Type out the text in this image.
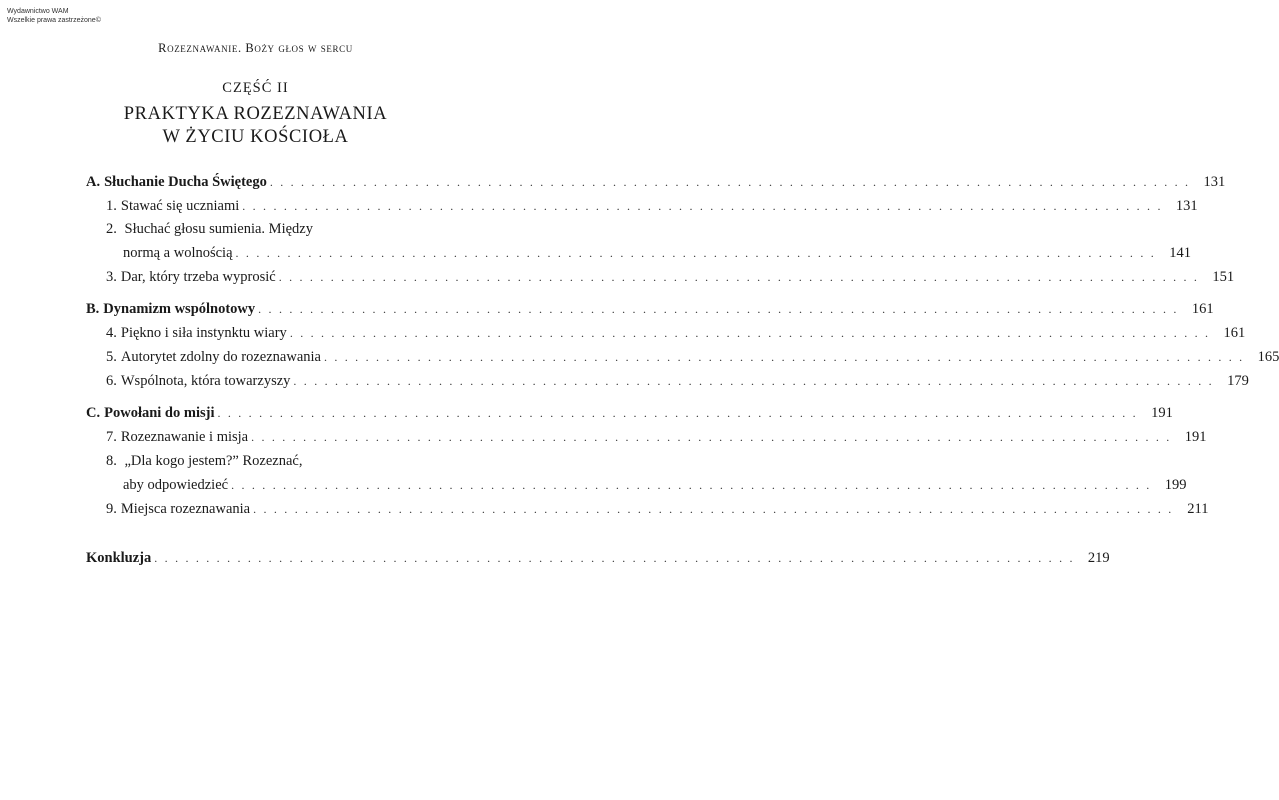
Wydawnictwo WAM
Wszelkie prawa zastrzeżone©
Rozeznawanie. Boży głos w sercu
CZĘŚĆ II
PRAKTYKA ROZEZNAWANIA
W ŻYCIU KOŚCIOŁA
A. Słuchanie Ducha Świętego . . . . . . . . . . . . . . . . . . . . . . . . . . . . . . . . . . . . . . . . . . . . . . . . . . . . . . . . . . . . . . . . . . . . . . . . . . . . . . . . . . . . . . . . . 131
1. Stawać się uczniami . . . . . . . . . . . . . . . . . . . . . . . . . . . . . . . . . . . . . . . . . . . . . . . . . . . . . . . . . . . . . . . . . . . . . . . . . . . . . . . . . . . . . . . . . 131
2. Słuchać głosu sumienia. Między
normą a wolnością . . . . . . . . . . . . . . . . . . . . . . . . . . . . . . . . . . . . . . . . . . . . . . . . . . . . . . . . . . . . . . . . . . . . . . . . . . . . . . . . . . . . . . . . . 141
3. Dar, który trzeba wyprosić . . . . . . . . . . . . . . . . . . . . . . . . . . . . . . . . . . . . . . . . . . . . . . . . . . . . . . . . . . . . . . . . . . . . . . . . . . . . . . . . . . . . . . . . . 151
B. Dynamizm wspólnotowy . . . . . . . . . . . . . . . . . . . . . . . . . . . . . . . . . . . . . . . . . . . . . . . . . . . . . . . . . . . . . . . . . . . . . . . . . . . . . . . . . . . . . . . . . 161
4. Piękno i siła instynktu wiary . . . . . . . . . . . . . . . . . . . . . . . . . . . . . . . . . . . . . . . . . . . . . . . . . . . . . . . . . . . . . . . . . . . . . . . . . . . . . . . . . . . . . . . . . 161
5. Autorytet zdolny do rozeznawania . . . . . . . . . . . . . . . . . . . . . . . . . . . . . . . . . . . . . . . . . . . . . . . . . . . . . . . . . . . . . . . . . . . . . . . . . . . . . . . . . . . . . . . . . 165
6. Wspólnota, która towarzyszy . . . . . . . . . . . . . . . . . . . . . . . . . . . . . . . . . . . . . . . . . . . . . . . . . . . . . . . . . . . . . . . . . . . . . . . . . . . . . . . . . . . . . . . . . 179
C. Powołani do misji . . . . . . . . . . . . . . . . . . . . . . . . . . . . . . . . . . . . . . . . . . . . . . . . . . . . . . . . . . . . . . . . . . . . . . . . . . . . . . . . . . . . . . . . . 191
7. Rozeznawanie i misja . . . . . . . . . . . . . . . . . . . . . . . . . . . . . . . . . . . . . . . . . . . . . . . . . . . . . . . . . . . . . . . . . . . . . . . . . . . . . . . . . . . . . . . . . 191
8. „Dla kogo jestem?” Rozeznać,
aby odpowiedzieć . . . . . . . . . . . . . . . . . . . . . . . . . . . . . . . . . . . . . . . . . . . . . . . . . . . . . . . . . . . . . . . . . . . . . . . . . . . . . . . . . . . . . . . . . 199
9. Miejsca rozeznawania . . . . . . . . . . . . . . . . . . . . . . . . . . . . . . . . . . . . . . . . . . . . . . . . . . . . . . . . . . . . . . . . . . . . . . . . . . . . . . . . . . . . . . . . . 211
Konkluzja . . . . . . . . . . . . . . . . . . . . . . . . . . . . . . . . . . . . . . . . . . . . . . . . . . . . . . . . . . . . . . . . . . . . . . . . . . . . . . . . . . . . . . . . . 219
